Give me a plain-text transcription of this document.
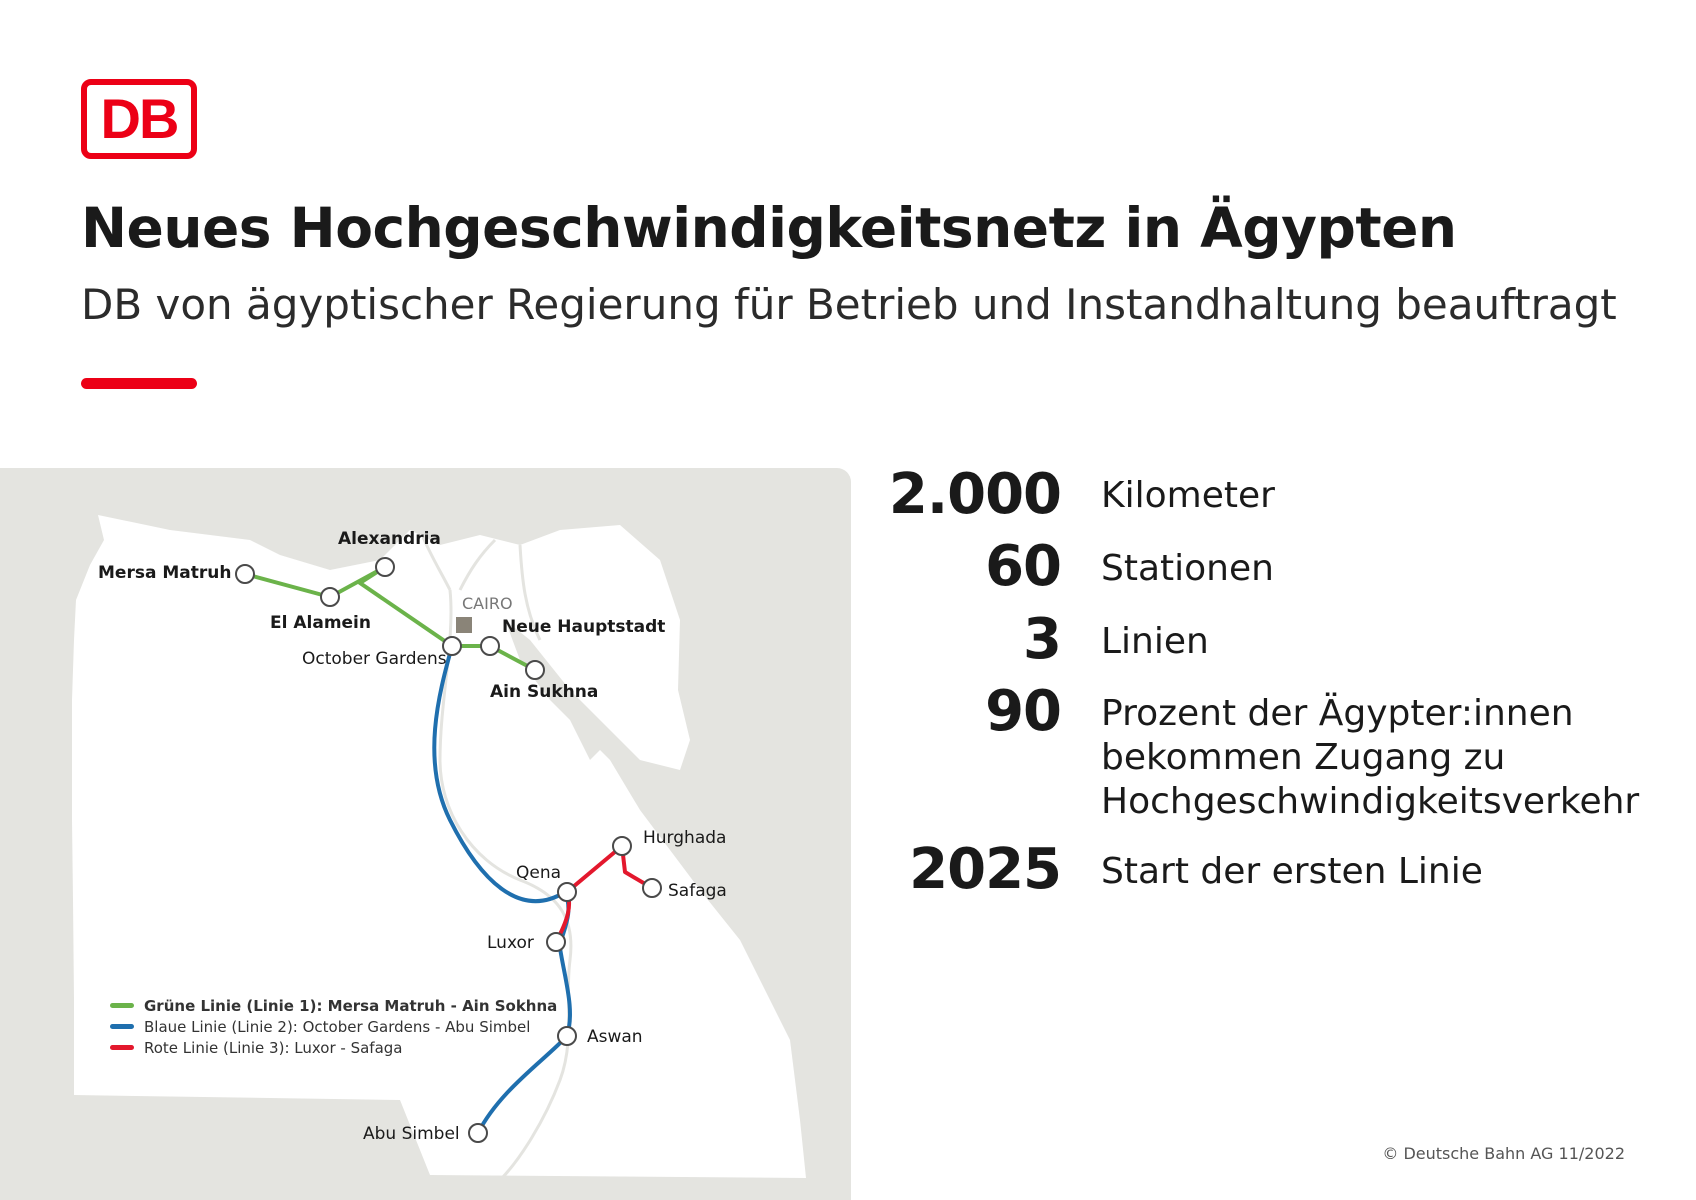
DB
Neues Hochgeschwindigkeitsnetz in Ägypten
DB von ägyptischer Regierung für Betrieb und Instandhaltung beauftragt
Mersa Matruh
Alexandria
El Alamein
CAIRO
Neue Hauptstadt
October Gardens
Ain Sukhna
Hurghada
Qena
Safaga
Luxor
Aswan
Abu Simbel
Grüne Linie (Linie 1): Mersa Matruh - Ain Sokhna
Blaue Linie (Linie 2): October Gardens - Abu Simbel
Rote Linie (Linie 3): Luxor - Safaga
2.000 Kilometer
60 Stationen
3 Linien
90 Prozent der Ägypter:innen
bekommen Zugang zu
Hochgeschwindigkeitsverkehr
2025 Start der ersten Linie
© Deutsche Bahn AG 11/2022
